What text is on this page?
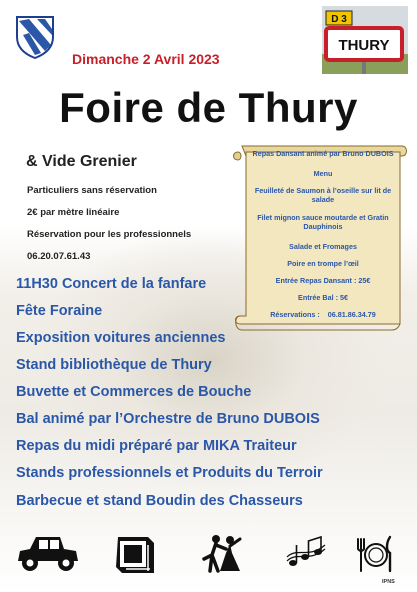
Dimanche 2 Avril 2023
D 3
THURY
Foire de Thury
& Vide Grenier
Particuliers sans réservation
2€ par mètre linéaire
Réservation pour les professionnels
06.20.07.61.43
Repas Dansant animé par Bruno DUBOIS
Menu
Feuilleté de Saumon à l’oseille sur lit de salade
Filet mignon sauce moutarde et Gratin Dauphinois
Salade et Fromages
Poire en trompe l’œil
Entrée Repas Dansant : 25€
Entrée Bal : 5€
Réservations : 06.81.86.34.79
11H30 Concert de la fanfare
Fête Foraine
Exposition voitures anciennes
Stand bibliothèque de Thury
Buvette et Commerces de Bouche
Bal animé par l’Orchestre de Bruno DUBOIS
Repas du midi préparé par MIKA Traiteur
Stands professionnels et Produits du Terroir
Barbecue et stand Boudin des Chasseurs
IPNS
